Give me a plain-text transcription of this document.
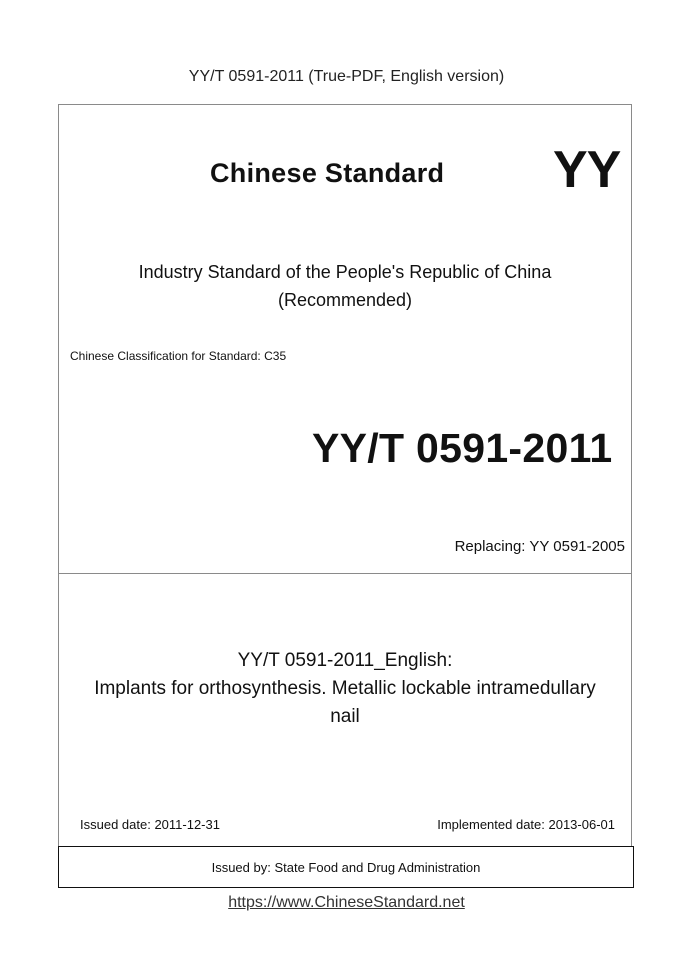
YY/T 0591-2011 (True-PDF, English version)
Chinese Standard YY
Industry Standard of the People's Republic of China
(Recommended)
Chinese Classification for Standard: C35
YY/T 0591-2011
Replacing: YY 0591-2005
YY/T 0591-2011_English:
Implants for orthosynthesis. Metallic lockable intramedullary
nail
Issued date: 2011-12-31	Implemented date: 2013-06-01
Issued by: State Food and Drug Administration
https://www.ChineseStandard.net
